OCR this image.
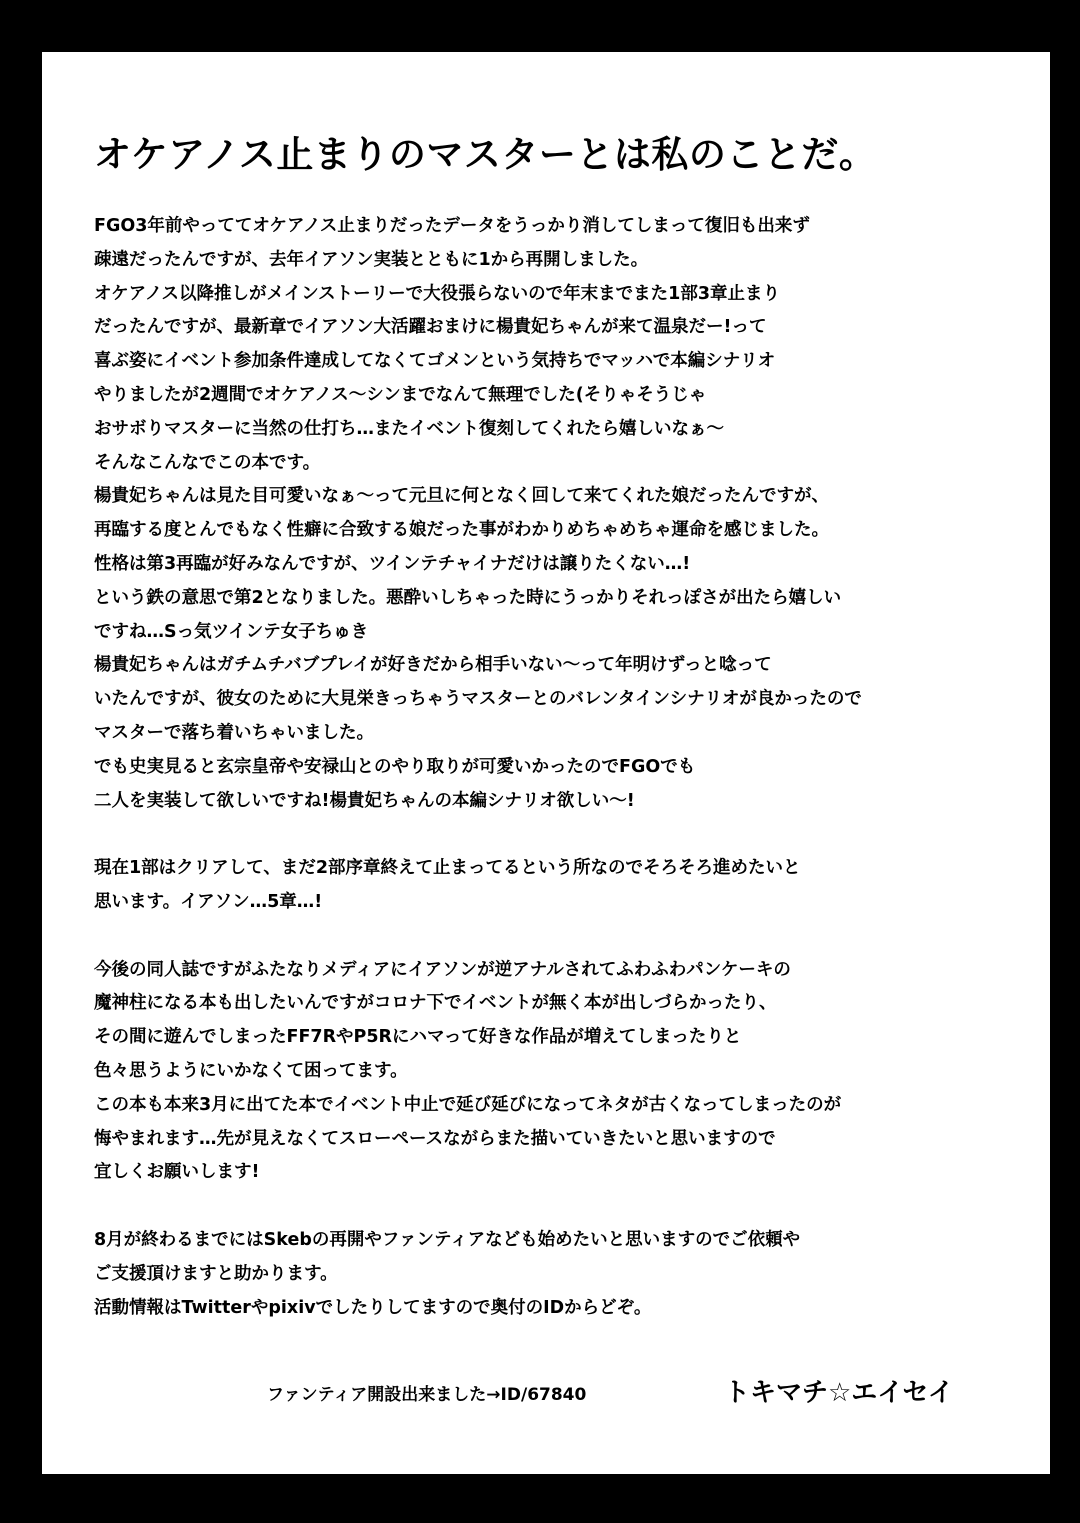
オケアノス止まりのマスターとは私のことだ。
FGO3年前やっててオケアノス止まりだったデータをうっかり消してしまって復旧も出来ず
疎遠だったんですが、去年イアソン実装とともに1から再開しました。
オケアノス以降推しがメインストーリーで大役張らないので年末までまた1部3章止まり
だったんですが、最新章でイアソン大活躍おまけに楊貴妃ちゃんが来て温泉だー!って
喜ぶ姿にイベント参加条件達成してなくてゴメンという気持ちでマッハで本編シナリオ
やりましたが2週間でオケアノス～シンまでなんて無理でした(そりゃそうじゃ
おサボりマスターに当然の仕打ち…またイベント復刻してくれたら嬉しいなぁ～
そんなこんなでこの本です。
楊貴妃ちゃんは見た目可愛いなぁ～って元旦に何となく回して来てくれた娘だったんですが、
再臨する度とんでもなく性癖に合致する娘だった事がわかりめちゃめちゃ運命を感じました。
性格は第3再臨が好みなんですが、ツインテチャイナだけは譲りたくない…!
という鉄の意思で第2となりました。悪酔いしちゃった時にうっかりそれっぽさが出たら嬉しい
ですね…Sっ気ツインテ女子ちゅき
楊貴妃ちゃんはガチムチバブプレイが好きだから相手いない～って年明けずっと唸って
いたんですが、彼女のために大見栄きっちゃうマスターとのバレンタインシナリオが良かったので
マスターで落ち着いちゃいました。
でも史実見ると玄宗皇帝や安禄山とのやり取りが可愛いかったのでFGOでも
二人を実装して欲しいですね!楊貴妃ちゃんの本編シナリオ欲しい～!
現在1部はクリアして、まだ2部序章終えて止まってるという所なのでそろそろ進めたいと
思います。イアソン…5章…!
今後の同人誌ですがふたなりメディアにイアソンが逆アナルされてふわふわパンケーキの
魔神柱になる本も出したいんですがコロナ下でイベントが無く本が出しづらかったり、
その間に遊んでしまったFF7RやP5Rにハマって好きな作品が増えてしまったりと
色々思うようにいかなくて困ってます。
この本も本来3月に出てた本でイベント中止で延び延びになってネタが古くなってしまったのが
悔やまれます…先が見えなくてスローペースながらまた描いていきたいと思いますので
宜しくお願いします!
8月が終わるまでにはSkebの再開やファンティアなども始めたいと思いますのでご依頼や
ご支援頂けますと助かります。
活動情報はTwitterやpixivでしたりしてますので奥付のIDからどぞ。
ファンティア開設出来ました→ID/67840	トキマチ☆エイセイ
